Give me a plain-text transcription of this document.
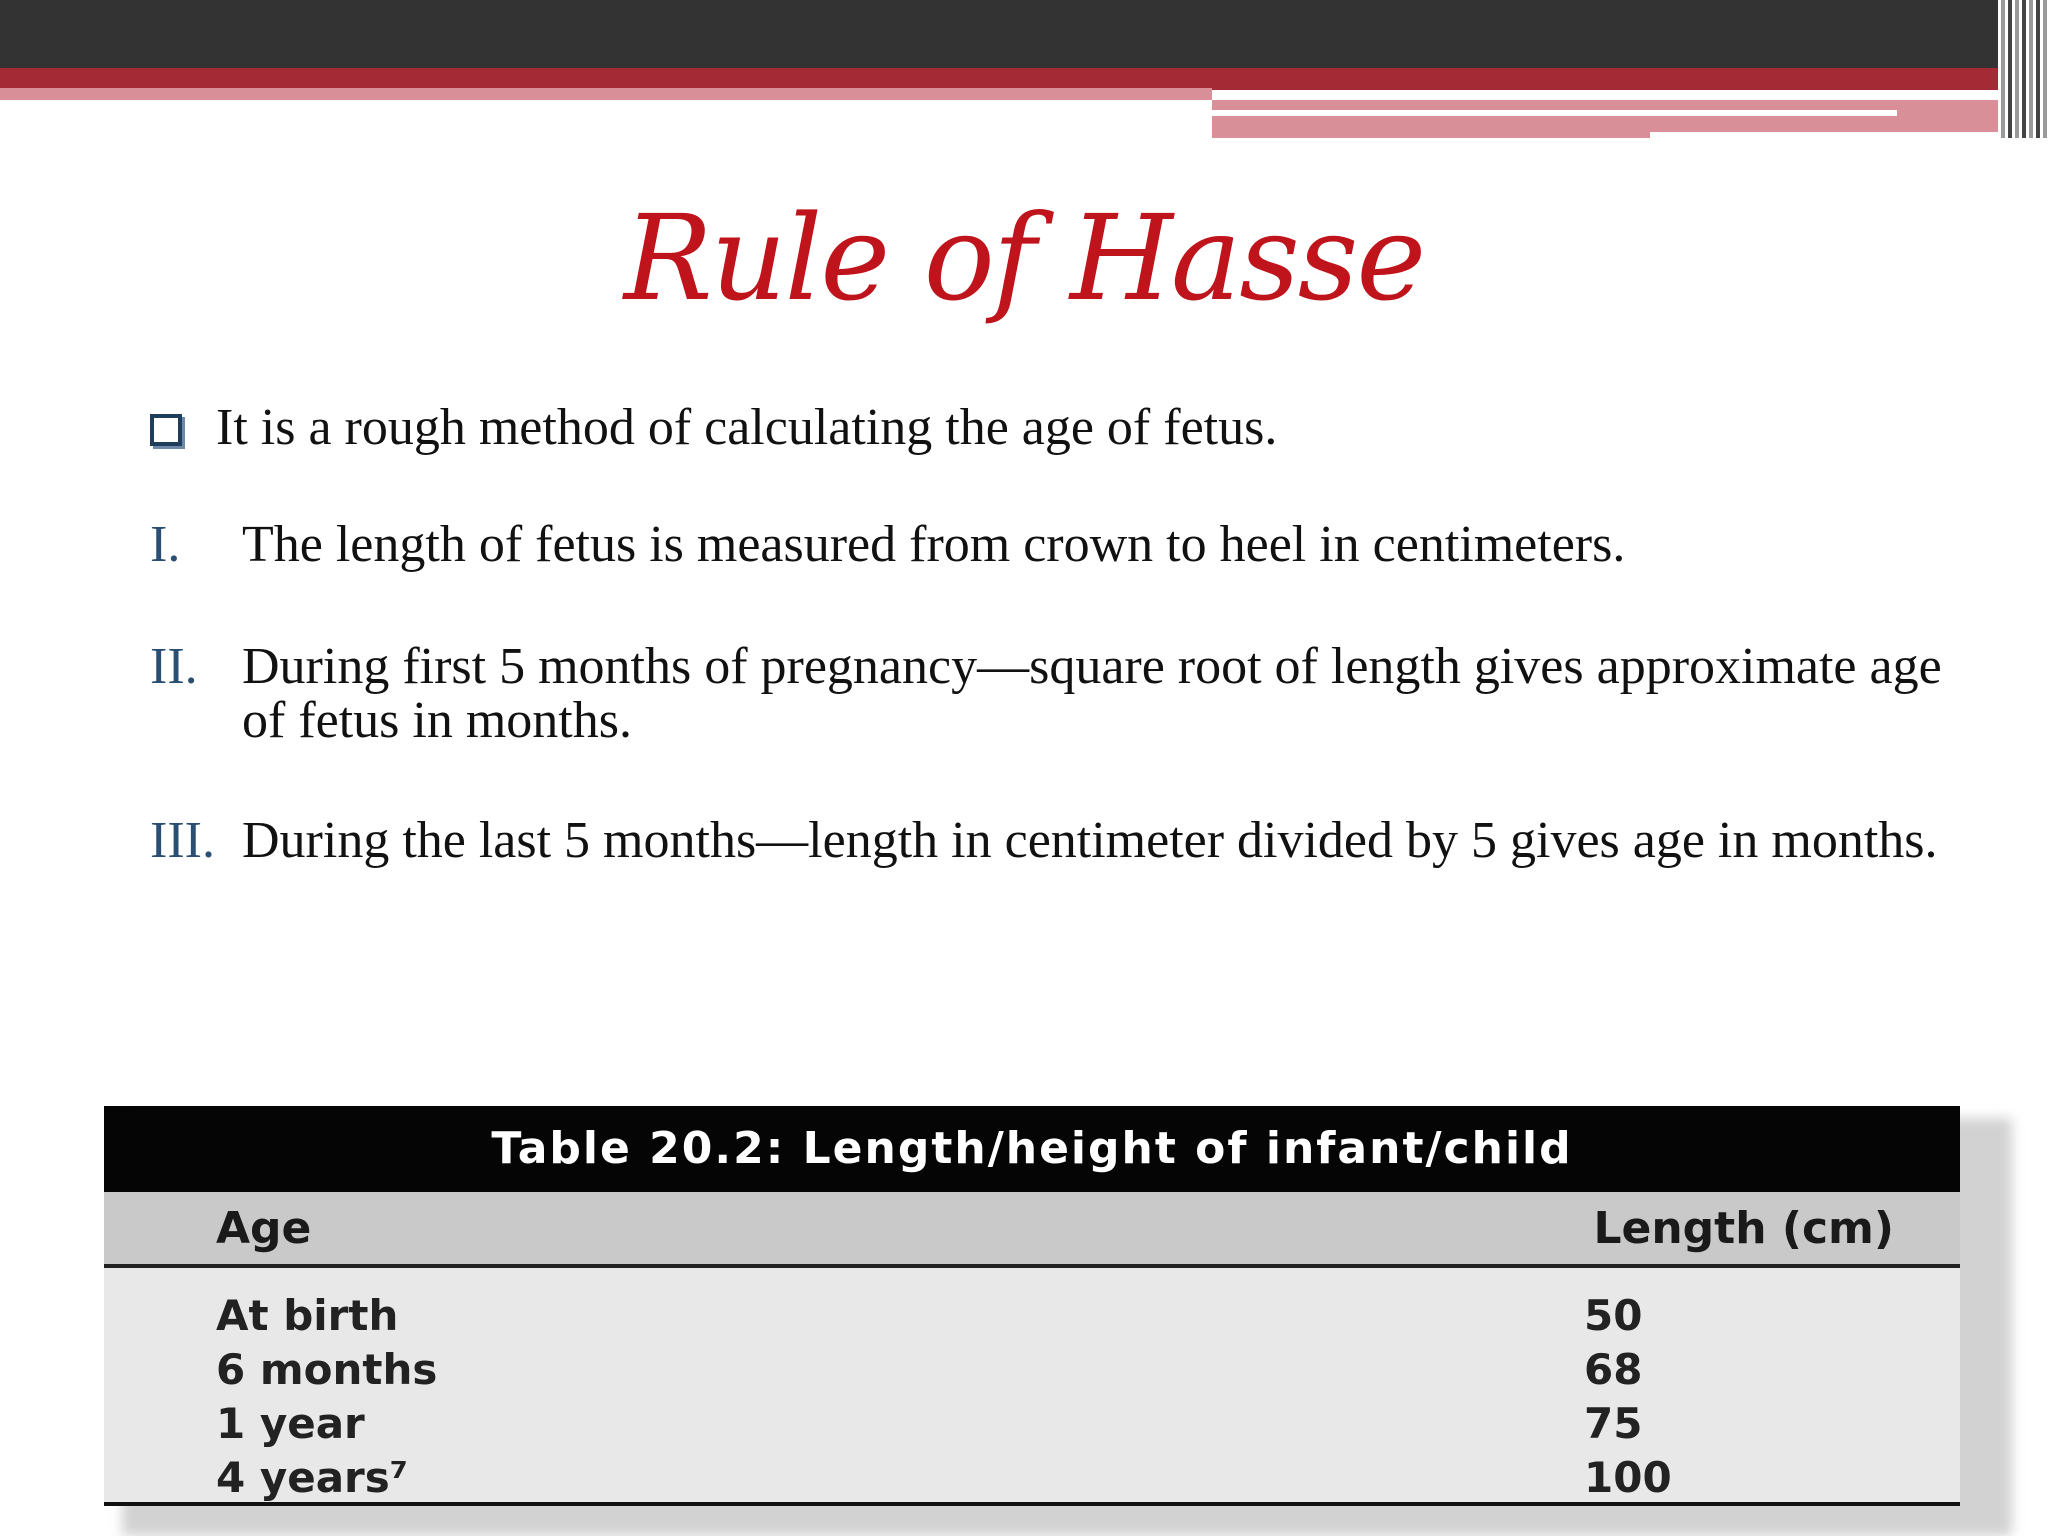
Rule of Hasse
It is a rough method of calculating the age of fetus.
I.	The length of fetus is measured from crown to heel in centimeters.
II. During first 5 months of pregnancy—square root of length gives approximate age of fetus in months.
III. During the last 5 months—length in centimeter divided by 5 gives age in months.
Table 20.2: Length/height of infant/child
Age	Length (cm)
At birth	50
6 months	68
1 year	75
4 years⁷	100
